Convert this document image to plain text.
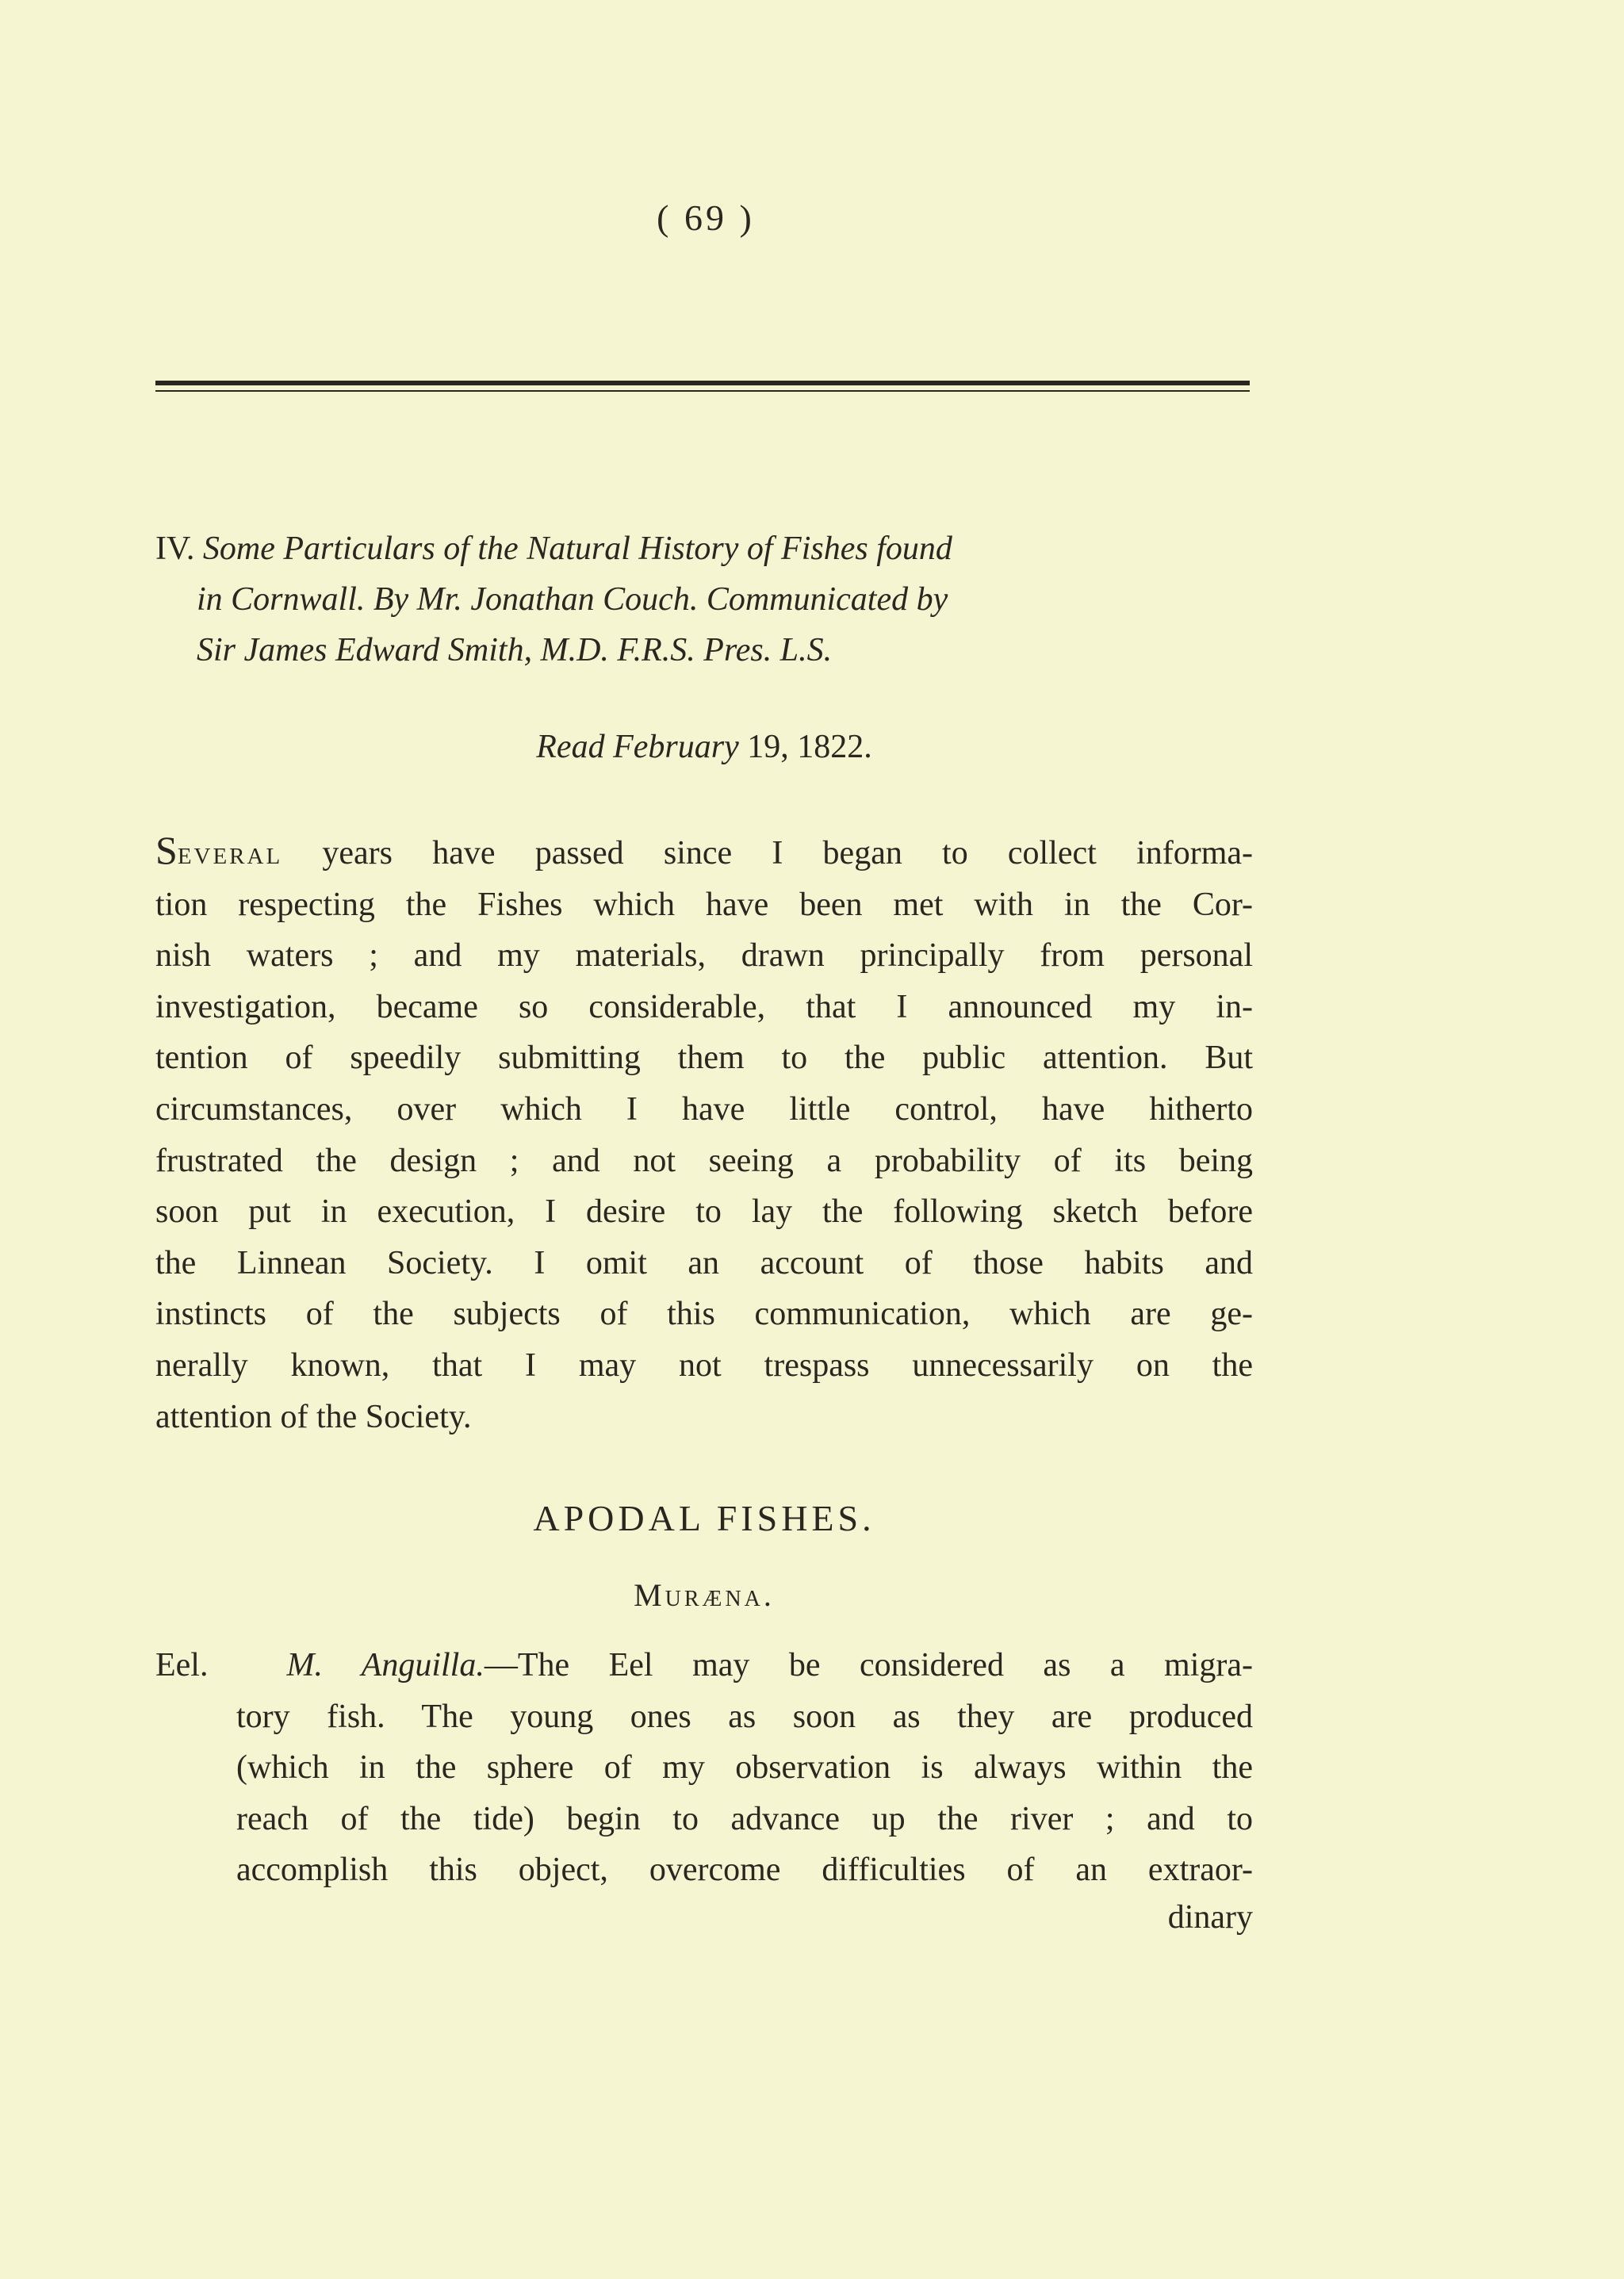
( 69 )
IV. Some Particulars of the Natural History of Fishes found
in Cornwall. By Mr. Jonathan Couch. Communicated by
Sir James Edward Smith, M.D. F.R.S. Pres. L.S.
Read February 19, 1822.
Several years have passed since I began to collect informa-
tion respecting the Fishes which have been met with in the Cor-
nish waters ; and my materials, drawn principally from personal
investigation, became so considerable, that I announced my in-
tention of speedily submitting them to the public attention. But
circumstances, over which I have little control, have hitherto
frustrated the design ; and not seeing a probability of its being
soon put in execution, I desire to lay the following sketch before
the Linnean Society. I omit an account of those habits and
instincts of the subjects of this communication, which are ge-
nerally known, that I may not trespass unnecessarily on the
attention of the Society.
APODAL FISHES.
Muræna.
Eel. M. Anguilla.—The Eel may be considered as a migra-
tory fish. The young ones as soon as they are produced
(which in the sphere of my observation is always within the
reach of the tide) begin to advance up the river ; and to
accomplish this object, overcome difficulties of an extraor-
dinary
